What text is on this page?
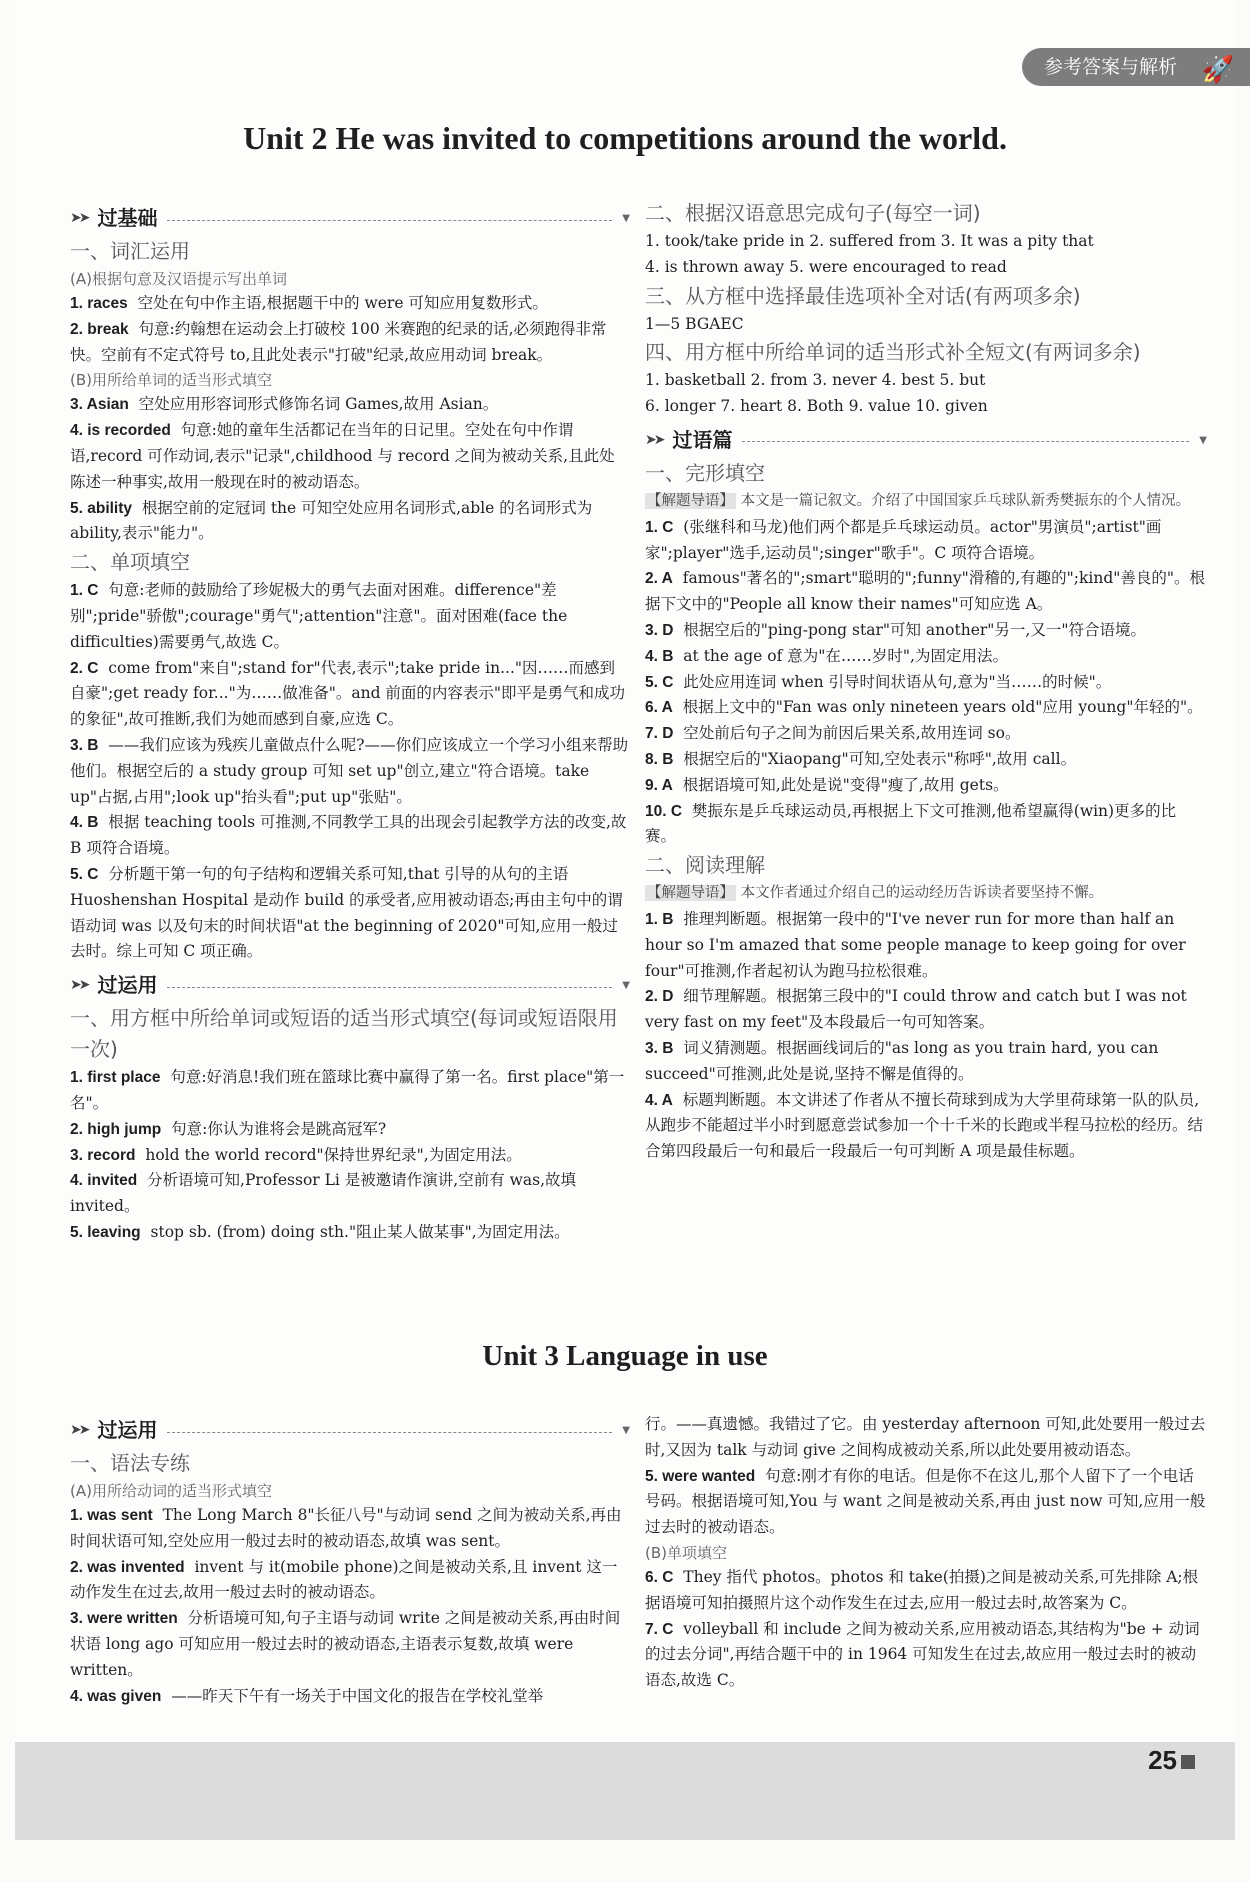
参考答案与解析 🚀
Unit 2 He was invited to competitions around the world.
➤➤ 过基础	▼
一、词汇运用
(A)根据句意及汉语提示写出单词

1. races 空处在句中作主语,根据题干中的 were 可知应用复数形式。

2. break 句意:约翰想在运动会上打破校 100 米赛跑的纪录的话,必须跑得非常快。空前有不定式符号 to,且此处表示"打破"纪录,故应用动词 break。

(B)用所给单词的适当形式填空

3. Asian 空处应用形容词形式修饰名词 Games,故用 Asian。

4. is recorded 句意:她的童年生活都记在当年的日记里。空处在句中作谓语,record 可作动词,表示"记录",childhood 与 record 之间为被动关系,且此处陈述一种事实,故用一般现在时的被动语态。

5. ability 根据空前的定冠词 the 可知空处应用名词形式,able 的名词形式为 ability,表示"能力"。

二、单项填空

1. C 句意:老师的鼓励给了珍妮极大的勇气去面对困难。difference"差别";pride"骄傲";courage"勇气";attention"注意"。面对困难(face the difficulties)需要勇气,故选 C。

2. C come from"来自";stand for"代表,表示";take pride in..."因……而感到自豪";get ready for..."为……做准备"。and 前面的内容表示"即平是勇气和成功的象征",故可推断,我们为她而感到自豪,应选 C。

3. B ——我们应该为残疾儿童做点什么呢?——你们应该成立一个学习小组来帮助他们。根据空后的 a study group 可知 set up"创立,建立"符合语境。take up"占据,占用";look up"抬头看";put up"张贴"。

4. B 根据 teaching tools 可推测,不同教学工具的出现会引起教学方法的改变,故 B 项符合语境。

5. C 分析题干第一句的句子结构和逻辑关系可知,that 引导的从句的主语 Huoshenshan Hospital 是动作 build 的承受者,应用被动语态;再由主句中的谓语动词 was 以及句末的时间状语"at the beginning of 2020"可知,应用一般过去时。综上可知 C 项正确。

➤➤ 过运用	▼
一、用方框中所给单词或短语的适当形式填空(每词或短语限用一次)

1. first place 句意:好消息!我们班在篮球比赛中赢得了第一名。first place"第一名"。

2. high jump 句意:你认为谁将会是跳高冠军?

3. record hold the world record"保持世界纪录",为固定用法。

4. invited 分析语境可知,Professor Li 是被邀请作演讲,空前有 was,故填 invited。

5. leaving stop sb. (from) doing sth."阻止某人做某事",为固定用法。

二、根据汉语意思完成句子(每空一词)

1. took/take pride in 2. suffered from 3. It was a pity that

4. is thrown away 5. were encouraged to read

三、从方框中选择最佳选项补全对话(有两项多余)

1—5 BGAEC

四、用方框中所给单词的适当形式补全短文(有两词多余)

1. basketball 2. from 3. never 4. best 5. but

6. longer 7. heart 8. Both 9. value 10. given

➤➤ 过语篇	▼
一、完形填空

【解题导语】 本文是一篇记叙文。介绍了中国国家乒乓球队新秀樊振东的个人情况。

1. C (张继科和马龙)他们两个都是乒乓球运动员。actor"男演员";artist"画家";player"选手,运动员";singer"歌手"。C 项符合语境。

2. A famous"著名的";smart"聪明的";funny"滑稽的,有趣的";kind"善良的"。根据下文中的"People all know their names"可知应选 A。

3. D 根据空后的"ping-pong star"可知 another"另一,又一"符合语境。

4. B at the age of 意为"在……岁时",为固定用法。

5. C 此处应用连词 when 引导时间状语从句,意为"当……的时候"。

6. A 根据上文中的"Fan was only nineteen years old"应用 young"年轻的"。

7. D 空处前后句子之间为前因后果关系,故用连词 so。

8. B 根据空后的"Xiaopang"可知,空处表示"称呼",故用 call。

9. A 根据语境可知,此处是说"变得"瘦了,故用 gets。

10. C 樊振东是乒乓球运动员,再根据上下文可推测,他希望赢得(win)更多的比赛。

二、阅读理解

【解题导语】 本文作者通过介绍自己的运动经历告诉读者要坚持不懈。

1. B 推理判断题。根据第一段中的"I've never run for more than half an hour so I'm amazed that some people manage to keep going for over four"可推测,作者起初认为跑马拉松很难。

2. D 细节理解题。根据第三段中的"I could throw and catch but I was not very fast on my feet"及本段最后一句可知答案。

3. B 词义猜测题。根据画线词后的"as long as you train hard, you can succeed"可推测,此处是说,坚持不懈是值得的。

4. A 标题判断题。本文讲述了作者从不擅长荷球到成为大学里荷球第一队的队员,从跑步不能超过半小时到愿意尝试参加一个十千米的长跑或半程马拉松的经历。结合第四段最后一句和最后一段最后一句可判断 A 项是最佳标题。

Unit 3 Language in use
➤➤ 过运用	▼
一、语法专练
(A)用所给动词的适当形式填空

1. was sent The Long March 8"长征八号"与动词 send 之间为被动关系,再由时间状语可知,空处应用一般过去时的被动语态,故填 was sent。

2. was invented invent 与 it(mobile phone)之间是被动关系,且 invent 这一动作发生在过去,故用一般过去时的被动语态。

3. were written 分析语境可知,句子主语与动词 write 之间是被动关系,再由时间状语 long ago 可知应用一般过去时的被动语态,主语表示复数,故填 were written。

4. was given ——昨天下午有一场关于中国文化的报告在学校礼堂举

行。——真遗憾。我错过了它。由 yesterday afternoon 可知,此处要用一般过去时,又因为 talk 与动词 give 之间构成被动关系,所以此处要用被动语态。

5. were wanted 句意:刚才有你的电话。但是你不在这儿,那个人留下了一个电话号码。根据语境可知,You 与 want 之间是被动关系,再由 just now 可知,应用一般过去时的被动语态。

(B)单项填空

6. C They 指代 photos。photos 和 take(拍摄)之间是被动关系,可先排除 A;根据语境可知拍摄照片这个动作发生在过去,应用一般过去时,故答案为 C。

7. C volleyball 和 include 之间为被动关系,应用被动语态,其结构为"be + 动词的过去分词",再结合题干中的 in 1964 可知发生在过去,故应用一般过去时的被动语态,故选 C。

25
